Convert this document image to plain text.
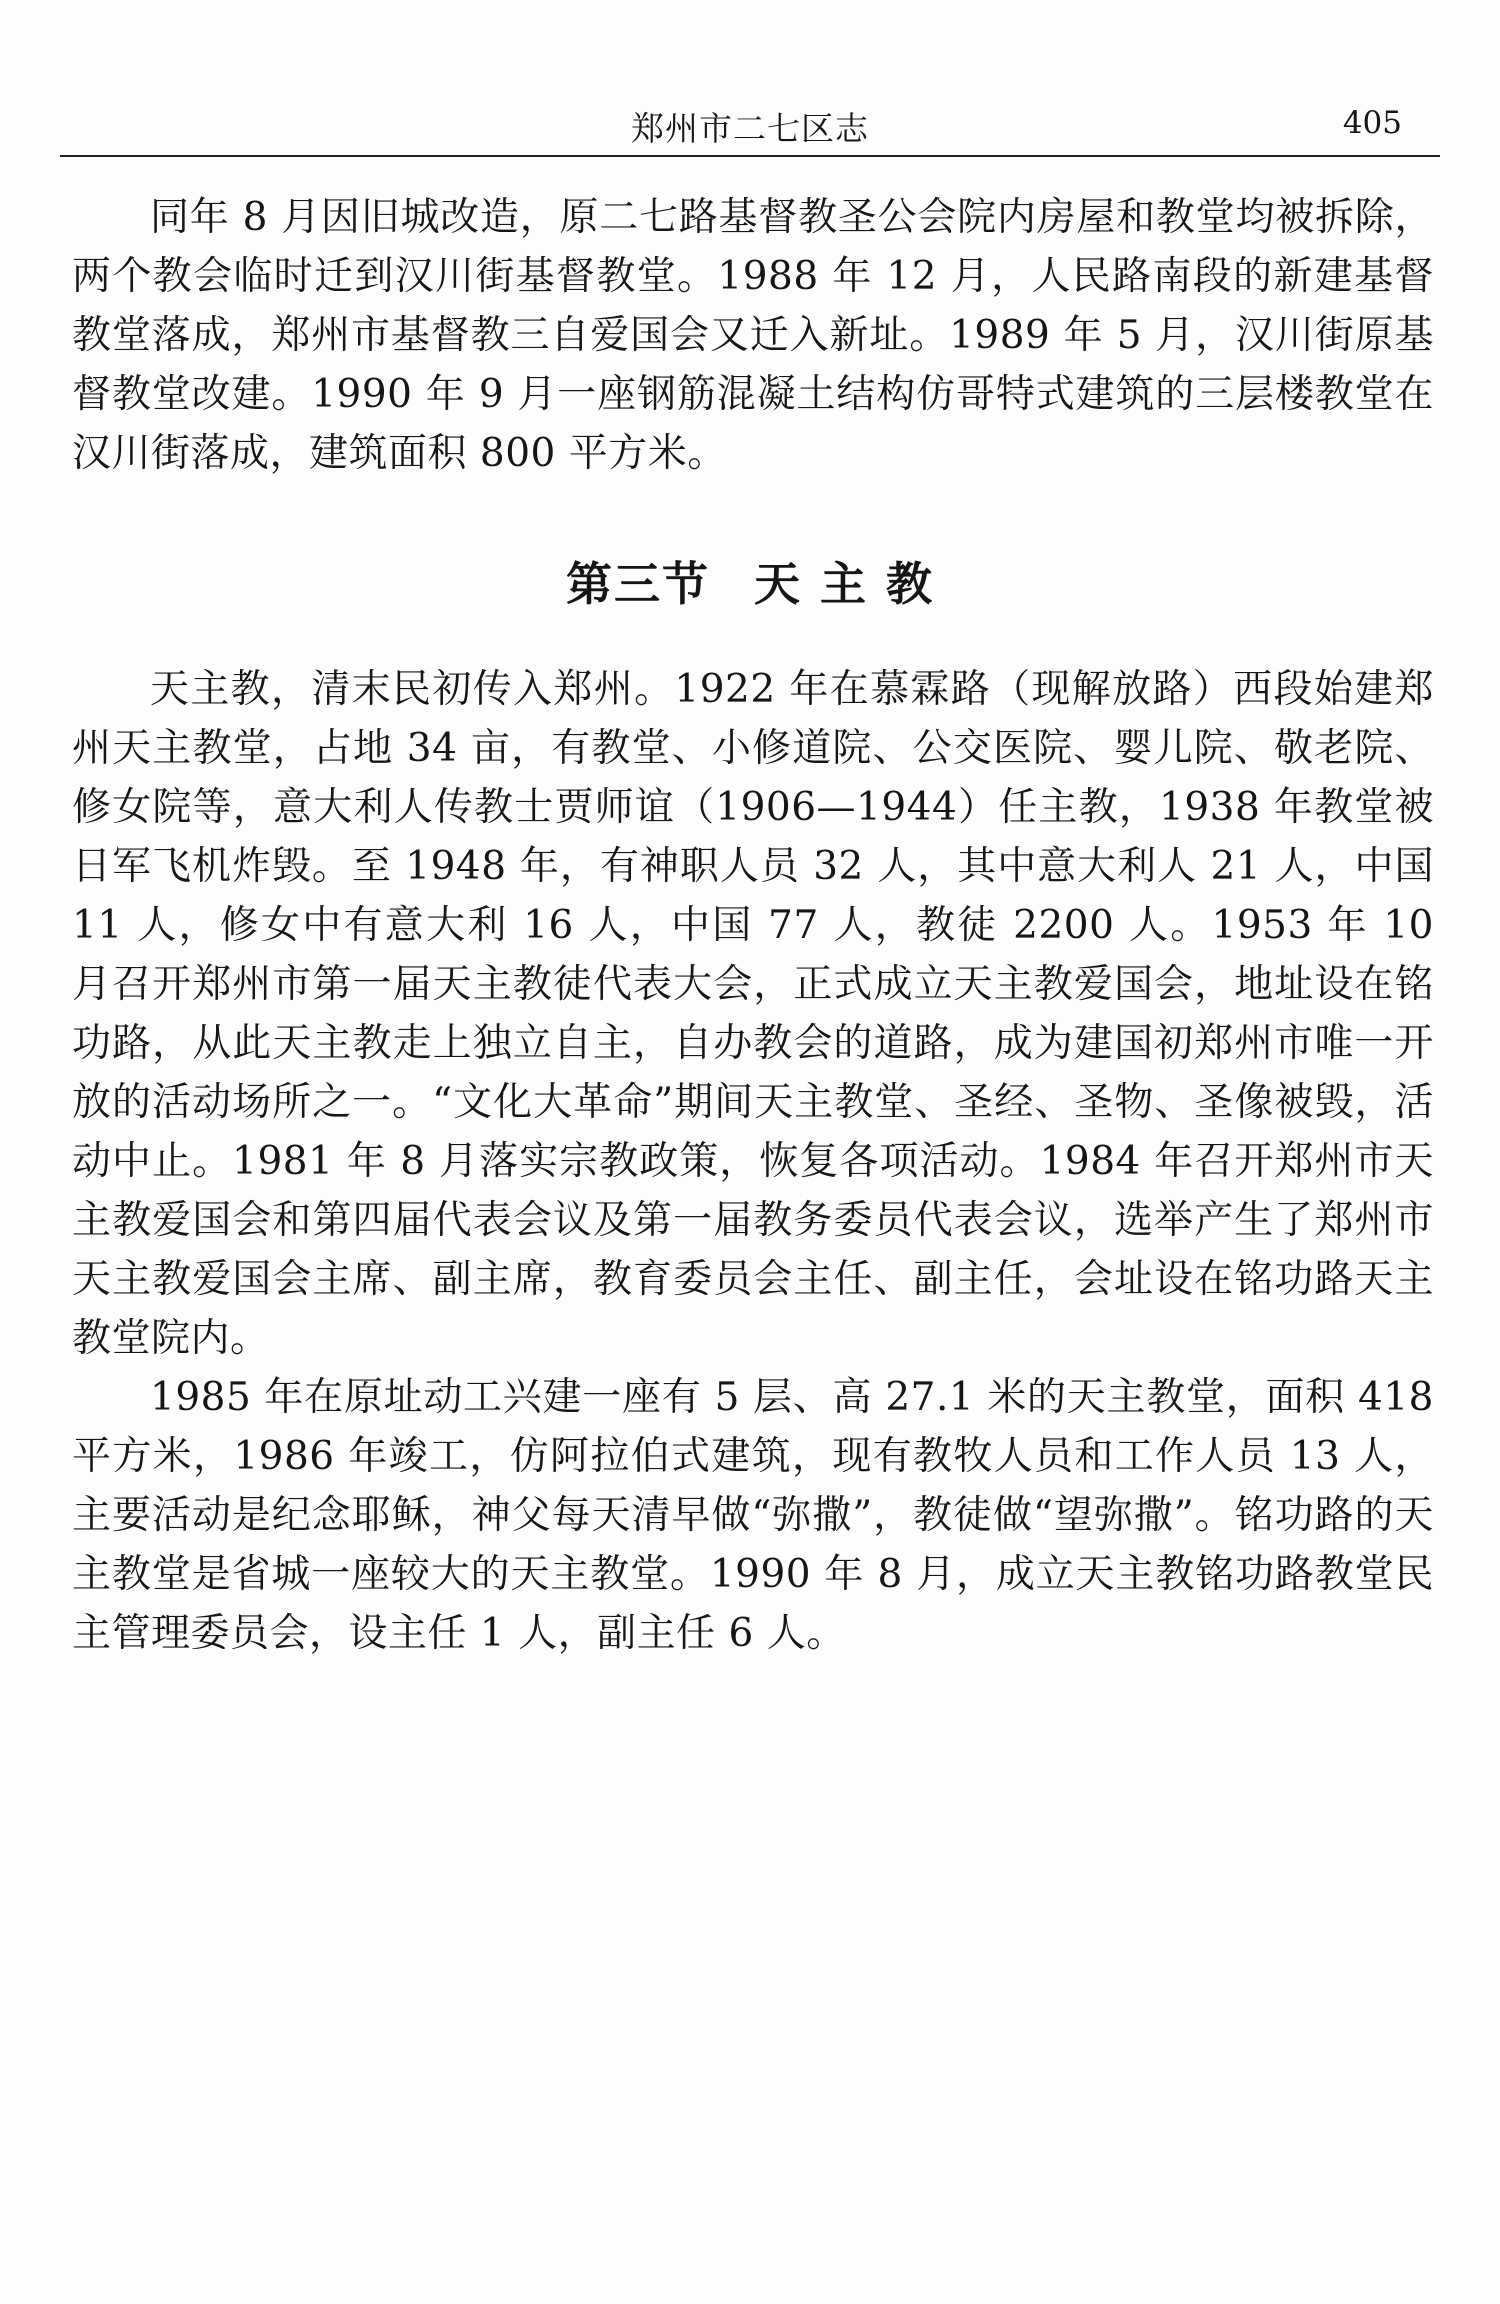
郑州市二七区志	405

同年 8 月因旧城改造，原二七路基督教圣公会院内房屋和教堂均被拆除，两个教会临时迁到汉川街基督教堂。1988 年 12 月，人民路南段的新建基督教堂落成，郑州市基督教三自爱国会又迁入新址。1989 年 5 月，汉川街原基督教堂改建。1990 年 9 月一座钢筋混凝土结构仿哥特式建筑的三层楼教堂在汉川街落成，建筑面积 800 平方米。

第三节 天 主 教

天主教，清末民初传入郑州。1922 年在慕霖路（现解放路）西段始建郑州天主教堂，占地 34 亩，有教堂、小修道院、公交医院、婴儿院、敬老院、修女院等，意大利人传教士贾师谊（1906—1944）任主教，1938 年教堂被日军飞机炸毁。至 1948 年，有神职人员 32 人，其中意大利人 21 人，中国 11 人，修女中有意大利 16 人，中国 77 人，教徒 2200 人。1953 年 10 月召开郑州市第一届天主教徒代表大会，正式成立天主教爱国会，地址设在铭功路，从此天主教走上独立自主，自办教会的道路，成为建国初郑州市唯一开放的活动场所之一。“文化大革命”期间天主教堂、圣经、圣物、圣像被毁，活动中止。1981 年 8 月落实宗教政策，恢复各项活动。1984 年召开郑州市天主教爱国会和第四届代表会议及第一届教务委员代表会议，选举产生了郑州市天主教爱国会主席、副主席，教育委员会主任、副主任，会址设在铭功路天主教堂院内。

1985 年在原址动工兴建一座有 5 层、高 27.1 米的天主教堂，面积 418 平方米，1986 年竣工，仿阿拉伯式建筑，现有教牧人员和工作人员 13 人，主要活动是纪念耶稣，神父每天清早做“弥撒”，教徒做“望弥撒”。铭功路的天主教堂是省城一座较大的天主教堂。1990 年 8 月，成立天主教铭功路教堂民主管理委员会，设主任 1 人，副主任 6 人。
